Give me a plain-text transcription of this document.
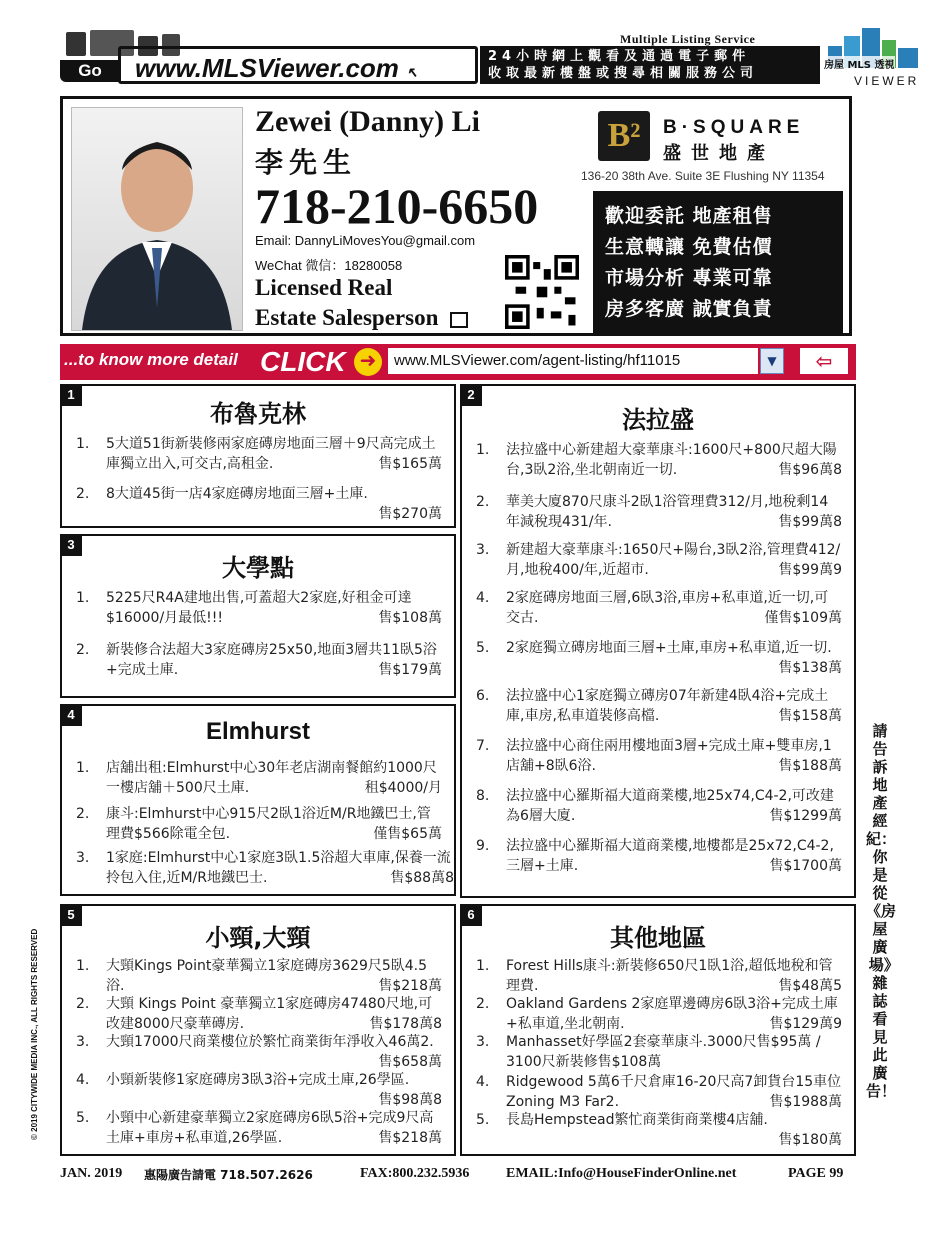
Go	www.MLSViewer.com ↖
Multiple Listing Service
24小時網上觀看及通過電子郵件
收取最新樓盤或搜尋相關服務公司
房屋 MLS 透視
VIEWER
Zewei (Danny) Li
李先生
718-210-6650
Email: DannyLiMovesYou@gmail.com
WeChat 微信：18280058
Licensed Real
Estate Salesperson
B²	B·SQUARE
盛世地產
136-20 38th Ave. Suite 3E Flushing NY 11354
歡迎委託 地產租售
生意轉讓 免費估價
市場分析 專業可靠
房多客廣 誠實負責
...to know more detail CLICK ➜	www.MLSViewer.com/agent-listing/hf11015	▼	⇦
1
布魯克林
1. 5大道51街新裝修兩家庭磚房地面三層＋9尺高完成土庫獨立出入,可交古,高租金.	售$165萬
2. 8大道45街一店4家庭磚房地面三層+土庫.
售$270萬
3
大學點
1. 5225尺R4A建地出售,可蓋超大2家庭,好租金可達$16000/月最低!!!	售$108萬
2. 新裝修合法超大3家庭磚房25x50,地面3層共11臥5浴+完成土庫.	售$179萬
4
Elmhurst
1. 店舖出租:Elmhurst中心30年老店湖南餐館約1000尺一樓店舖＋500尺土庫.	租$4000/月
2. 康斗:Elmhurst中心915尺2臥1浴近M/R地鐵巴士,管理費$566除電全包.	僅售$65萬
3. 1家庭:Elmhurst中心1家庭3臥1.5浴超大車庫,保養一流拎包入住,近M/R地鐵巴士.	售$88萬8
5
小頸,大頸
1. 大頸Kings Point豪華獨立1家庭磚房3629尺5臥4.5浴.	售$218萬
2. 大頸 Kings Point 豪華獨立1家庭磚房47480尺地,可改建8000尺豪華磚房.	售$178萬8
3. 大頸17000尺商業樓位於繁忙商業街年淨收入46萬2.
售$658萬
4. 小頸新裝修1家庭磚房3臥3浴+完成土庫,26學區.
售$98萬8
5. 小頸中心新建豪華獨立2家庭磚房6臥5浴+完成9尺高土庫+車房+私車道,26學區.	售$218萬
2
法拉盛
1. 法拉盛中心新建超大豪華康斗:1600尺+800尺超大陽台,3臥2浴,坐北朝南近一切.	售$96萬8
2. 華美大廈870尺康斗2臥1浴管理費312/月,地稅剩14年減稅現431/年.	售$99萬8
3. 新建超大豪華康斗:1650尺+陽台,3臥2浴,管理費412/月,地稅400/年,近超市.	售$99萬9
4. 2家庭磚房地面三層,6臥3浴,車房+私車道,近一切,可交古.	僅售$109萬
5. 2家庭獨立磚房地面三層+土庫,車房+私車道,近一切.
售$138萬
6. 法拉盛中心1家庭獨立磚房07年新建4臥4浴+完成土庫,車房,私車道裝修高檔.	售$158萬
7. 法拉盛中心商住兩用樓地面3層+完成土庫+雙車房,1店舖+8臥6浴.	售$188萬
8. 法拉盛中心羅斯福大道商業樓,地25x74,C4-2,可改建為6層大廈.	售$1299萬
9. 法拉盛中心羅斯福大道商業樓,地樓都是25x72,C4-2,三層+土庫.	售$1700萬
6
其他地區
1. Forest Hills康斗:新裝修650尺1臥1浴,超低地稅和管理費.	售$48萬5
2. Oakland Gardens 2家庭單邊磚房6臥3浴+完成土庫+私車道,坐北朝南.	售$129萬9
3. Manhasset好學區2套豪華康斗.3000尺售$95萬 / 3100尺新裝修售$108萬
4. Ridgewood 5萬6千尺倉庫16-20尺高7卸貨台15車位Zoning M3 Far2.	售$1988萬
5. 長島Hempstead繁忙商業街商業樓4店舖.
售$180萬
請告訴地產經紀：你是從《房屋廣場》雜誌看見此廣告！
© 2019 CITYWIDE MEDIA INC., ALL RIGHTS RESERVED
JAN. 2019 惠陽廣告請電 718.507.2626	FAX:800.232.5936	EMAIL:Info@HouseFinderOnline.net	PAGE 99
